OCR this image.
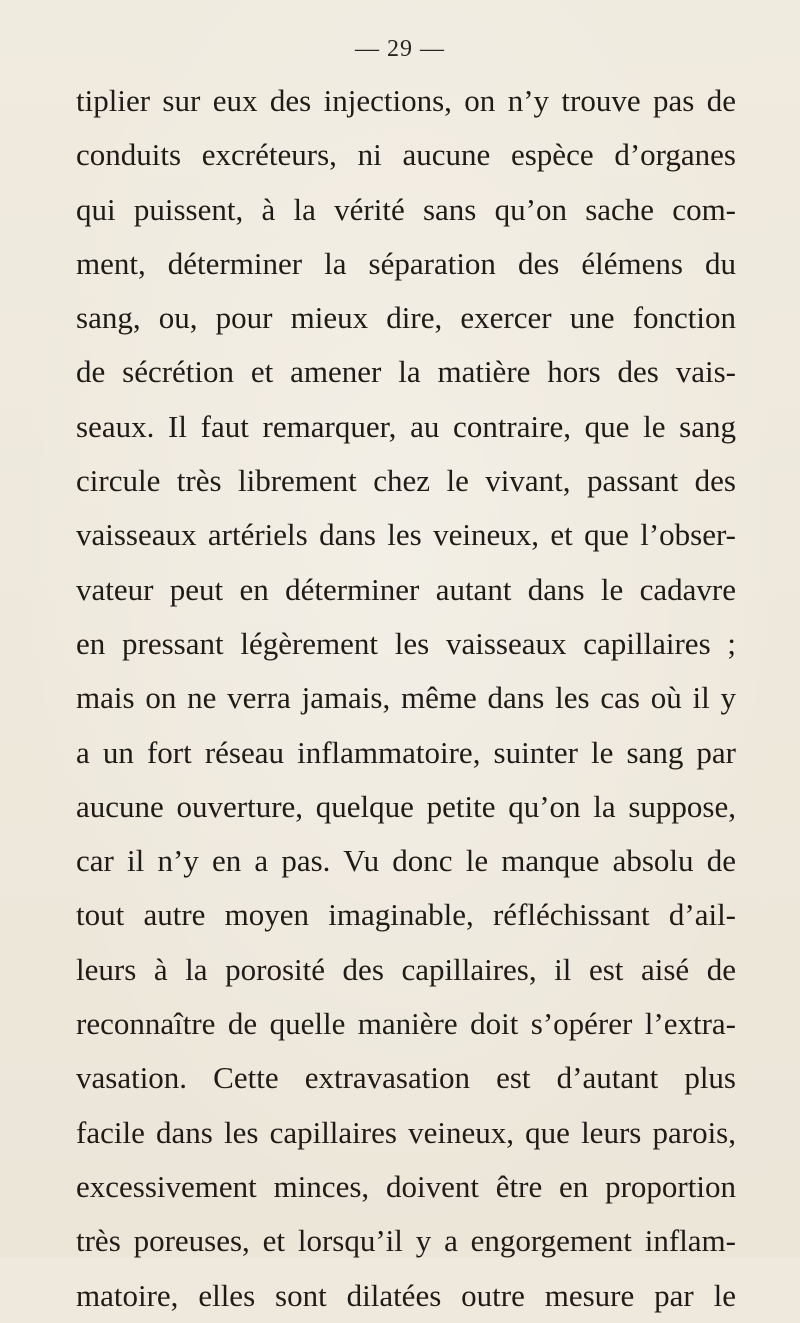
— 29 —
tiplier sur eux des injections, on n’y trouve pas de
conduits excréteurs, ni aucune espèce d’organes
qui puissent, à la vérité sans qu’on sache com-
ment, déterminer la séparation des élémens du
sang, ou, pour mieux dire, exercer une fonction
de sécrétion et amener la matière hors des vais-
seaux. Il faut remarquer, au contraire, que le sang
circule très librement chez le vivant, passant des
vaisseaux artériels dans les veineux, et que l’obser-
vateur peut en déterminer autant dans le cadavre
en pressant légèrement les vaisseaux capillaires ;
mais on ne verra jamais, même dans les cas où il y
a un fort réseau inflammatoire, suinter le sang par
aucune ouverture, quelque petite qu’on la suppose,
car il n’y en a pas. Vu donc le manque absolu de
tout autre moyen imaginable, réfléchissant d’ail-
leurs à la porosité des capillaires, il est aisé de
reconnaître de quelle manière doit s’opérer l’extra-
vasation. Cette extravasation est d’autant plus
facile dans les capillaires veineux, que leurs parois,
excessivement minces, doivent être en proportion
très poreuses, et lorsqu’il y a engorgement inflam-
matoire, elles sont dilatées outre mesure par le
